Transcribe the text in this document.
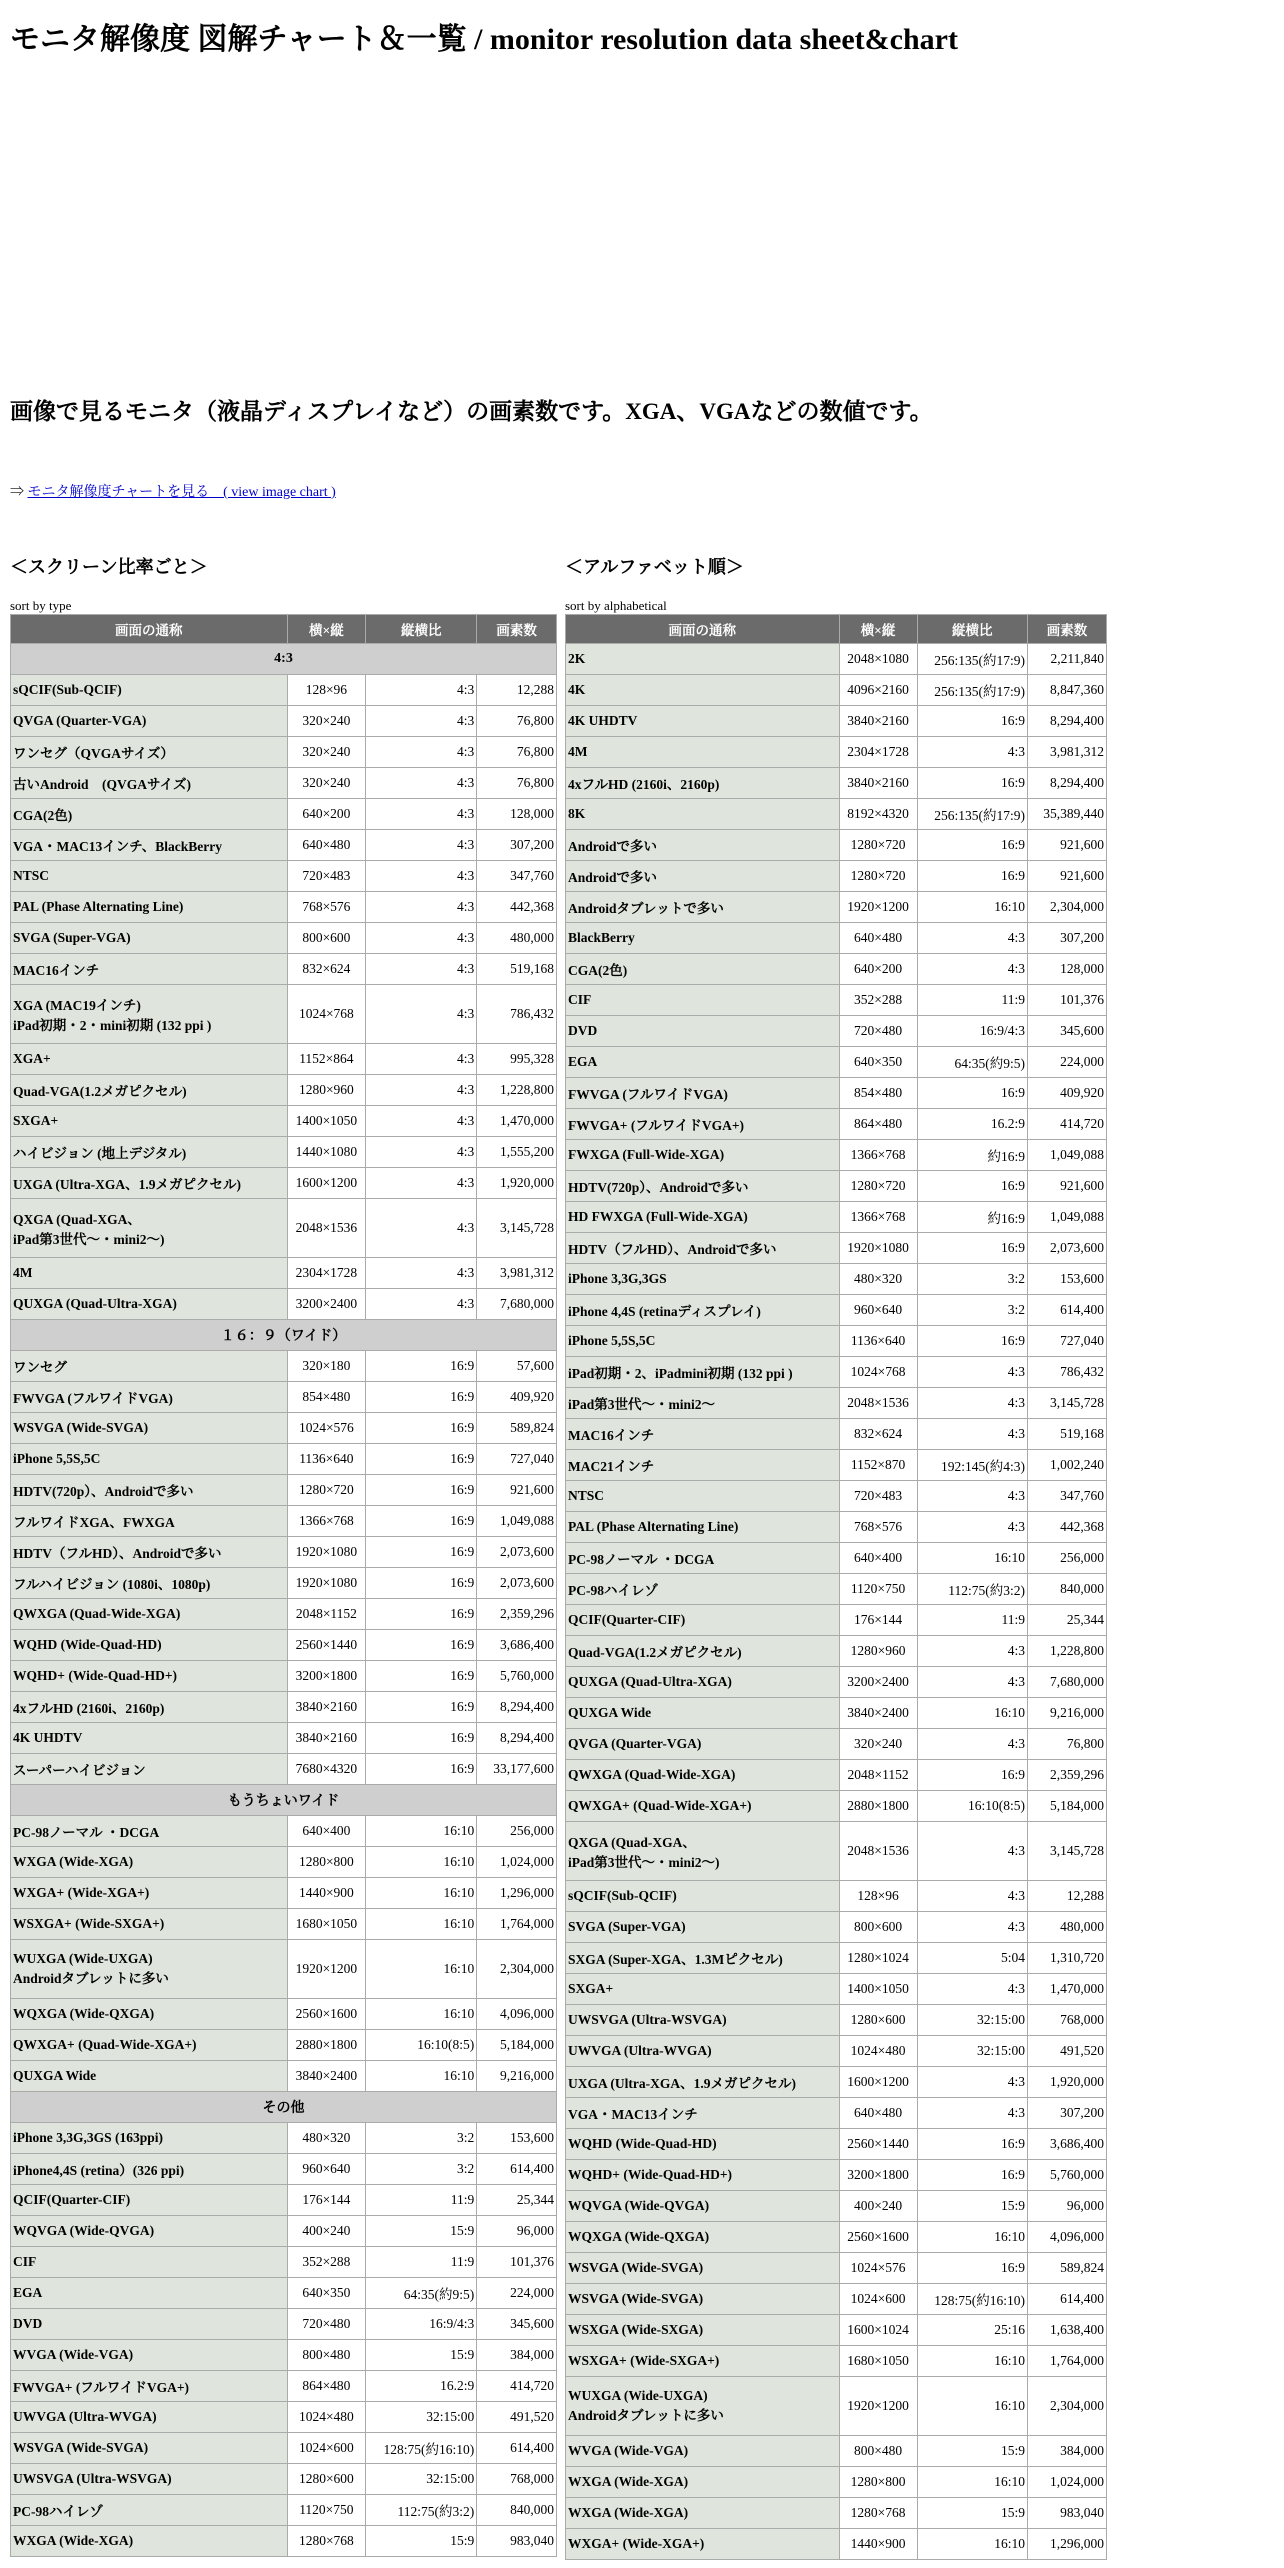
モニタ解像度 図解チャート＆一覧 / monitor resolution data sheet&chart
画像で見るモニタ（液晶ディスプレイなど）の画素数です。XGA、VGAなどの数値です。
⇒ モニタ解像度チャートを見る　( view image chart )
＜スクリーン比率ごと＞
sort by type
画面の通称	横×縦	縦横比	画素数
4:3			
sQCIF(Sub-QCIF)	128×96	4:3	12,288
QVGA (Quarter-VGA)	320×240	4:3	76,800
ワンセグ（QVGAサイズ）	320×240	4:3	76,800
古いAndroid　(QVGAサイズ)	320×240	4:3	76,800
CGA(2色)	640×200	4:3	128,000
VGA・MAC13インチ、BlackBerry	640×480	4:3	307,200
NTSC	720×483	4:3	347,760
PAL (Phase Alternating Line)	768×576	4:3	442,368
SVGA (Super-VGA)	800×600	4:3	480,000
MAC16インチ	832×624	4:3	519,168
XGA (MAC19インチ)
iPad初期・2・mini初期 (132 ppi )	1024×768	4:3	786,432
XGA+	1152×864	4:3	995,328
Quad-VGA(1.2メガピクセル)	1280×960	4:3	1,228,800
SXGA+	1400×1050	4:3	1,470,000
ハイビジョン (地上デジタル)	1440×1080	4:3	1,555,200
UXGA (Ultra-XGA、1.9メガピクセル)	1600×1200	4:3	1,920,000
QXGA (Quad-XGA、
iPad第3世代～・mini2～)	2048×1536	4:3	3,145,728
4M	2304×1728	4:3	3,981,312
QUXGA (Quad-Ultra-XGA)	3200×2400	4:3	7,680,000
１６：９（ワイド）			
ワンセグ	320×180	16:9	57,600
FWVGA (フルワイドVGA)	854×480	16:9	409,920
WSVGA (Wide-SVGA)	1024×576	16:9	589,824
iPhone 5,5S,5C	1136×640	16:9	727,040
HDTV(720p）、Androidで多い	1280×720	16:9	921,600
フルワイドXGA、FWXGA	1366×768	16:9	1,049,088
HDTV（フルHD）、Androidで多い	1920×1080	16:9	2,073,600
フルハイビジョン (1080i、1080p)	1920×1080	16:9	2,073,600
QWXGA (Quad-Wide-XGA)	2048×1152	16:9	2,359,296
WQHD (Wide-Quad-HD)	2560×1440	16:9	3,686,400
WQHD+ (Wide-Quad-HD+)	3200×1800	16:9	5,760,000
4xフルHD (2160i、2160p)	3840×2160	16:9	8,294,400
4K UHDTV	3840×2160	16:9	8,294,400
スーパーハイビジョン	7680×4320	16:9	33,177,600
もうちょいワイド			
PC-98ノーマル ・DCGA	640×400	16:10	256,000
WXGA (Wide-XGA)	1280×800	16:10	1,024,000
WXGA+ (Wide-XGA+)	1440×900	16:10	1,296,000
WSXGA+ (Wide-SXGA+)	1680×1050	16:10	1,764,000
WUXGA (Wide-UXGA)
Androidタブレットに多い	1920×1200	16:10	2,304,000
WQXGA (Wide-QXGA)	2560×1600	16:10	4,096,000
QWXGA+ (Quad-Wide-XGA+)	2880×1800	16:10(8:5)	5,184,000
QUXGA Wide	3840×2400	16:10	9,216,000
その他			
iPhone 3,3G,3GS (163ppi)	480×320	3:2	153,600
iPhone4,4S (retina）(326 ppi)	960×640	3:2	614,400
QCIF(Quarter-CIF)	176×144	11:9	25,344
WQVGA (Wide-QVGA)	400×240	15:9	96,000
CIF	352×288	11:9	101,376
EGA	640×350	64:35(約9:5)	224,000
DVD	720×480	16:9/4:3	345,600
WVGA (Wide-VGA)	800×480	15:9	384,000
FWVGA+ (フルワイドVGA+)	864×480	16.2:9	414,720
UWVGA (Ultra-WVGA)	1024×480	32:15:00	491,520
WSVGA (Wide-SVGA)	1024×600	128:75(約16:10)	614,400
UWSVGA (Ultra-WSVGA)	1280×600	32:15:00	768,000
PC-98ハイレゾ	1120×750	112:75(約3:2)	840,000
WXGA (Wide-XGA)	1280×768	15:9	983,040
＜アルファベット順＞
sort by alphabetical
画面の通称	横×縦	縦横比	画素数
2K	2048×1080	256:135(約17:9)	2,211,840
4K	4096×2160	256:135(約17:9)	8,847,360
4K UHDTV	3840×2160	16:9	8,294,400
4M	2304×1728	4:3	3,981,312
4xフルHD (2160i、2160p)	3840×2160	16:9	8,294,400
8K	8192×4320	256:135(約17:9)	35,389,440
Androidで多い	1280×720	16:9	921,600
Androidで多い	1280×720	16:9	921,600
Androidタブレットで多い	1920×1200	16:10	2,304,000
BlackBerry	640×480	4:3	307,200
CGA(2色)	640×200	4:3	128,000
CIF	352×288	11:9	101,376
DVD	720×480	16:9/4:3	345,600
EGA	640×350	64:35(約9:5)	224,000
FWVGA (フルワイドVGA)	854×480	16:9	409,920
FWVGA+ (フルワイドVGA+)	864×480	16.2:9	414,720
FWXGA (Full-Wide-XGA)	1366×768	約16:9	1,049,088
HDTV(720p）、Androidで多い	1280×720	16:9	921,600
HD FWXGA (Full-Wide-XGA)	1366×768	約16:9	1,049,088
HDTV（フルHD）、Androidで多い	1920×1080	16:9	2,073,600
iPhone 3,3G,3GS	480×320	3:2	153,600
iPhone 4,4S (retinaディスプレイ)	960×640	3:2	614,400
iPhone 5,5S,5C	1136×640	16:9	727,040
iPad初期・2、iPadmini初期 (132 ppi )	1024×768	4:3	786,432
iPad第3世代～・mini2～	2048×1536	4:3	3,145,728
MAC16インチ	832×624	4:3	519,168
MAC21インチ	1152×870	192:145(約4:3)	1,002,240
NTSC	720×483	4:3	347,760
PAL (Phase Alternating Line)	768×576	4:3	442,368
PC-98ノーマル ・DCGA	640×400	16:10	256,000
PC-98ハイレゾ	1120×750	112:75(約3:2)	840,000
QCIF(Quarter-CIF)	176×144	11:9	25,344
Quad-VGA(1.2メガピクセル)	1280×960	4:3	1,228,800
QUXGA (Quad-Ultra-XGA)	3200×2400	4:3	7,680,000
QUXGA Wide	3840×2400	16:10	9,216,000
QVGA (Quarter-VGA)	320×240	4:3	76,800
QWXGA (Quad-Wide-XGA)	2048×1152	16:9	2,359,296
QWXGA+ (Quad-Wide-XGA+)	2880×1800	16:10(8:5)	5,184,000
QXGA (Quad-XGA、
iPad第3世代～・mini2～)	2048×1536	4:3	3,145,728
sQCIF(Sub-QCIF)	128×96	4:3	12,288
SVGA (Super-VGA)	800×600	4:3	480,000
SXGA (Super-XGA、1.3Mピクセル)	1280×1024	5:04	1,310,720
SXGA+	1400×1050	4:3	1,470,000
UWSVGA (Ultra-WSVGA)	1280×600	32:15:00	768,000
UWVGA (Ultra-WVGA)	1024×480	32:15:00	491,520
UXGA (Ultra-XGA、1.9メガピクセル)	1600×1200	4:3	1,920,000
VGA・MAC13インチ	640×480	4:3	307,200
WQHD (Wide-Quad-HD)	2560×1440	16:9	3,686,400
WQHD+ (Wide-Quad-HD+)	3200×1800	16:9	5,760,000
WQVGA (Wide-QVGA)	400×240	15:9	96,000
WQXGA (Wide-QXGA)	2560×1600	16:10	4,096,000
WSVGA (Wide-SVGA)	1024×576	16:9	589,824
WSVGA (Wide-SVGA)	1024×600	128:75(約16:10)	614,400
WSXGA (Wide-SXGA)	1600×1024	25:16	1,638,400
WSXGA+ (Wide-SXGA+)	1680×1050	16:10	1,764,000
WUXGA (Wide-UXGA)
Androidタブレットに多い	1920×1200	16:10	2,304,000
WVGA (Wide-VGA)	800×480	15:9	384,000
WXGA (Wide-XGA)	1280×800	16:10	1,024,000
WXGA (Wide-XGA)	1280×768	15:9	983,040
WXGA+ (Wide-XGA+)	1440×900	16:10	1,296,000
